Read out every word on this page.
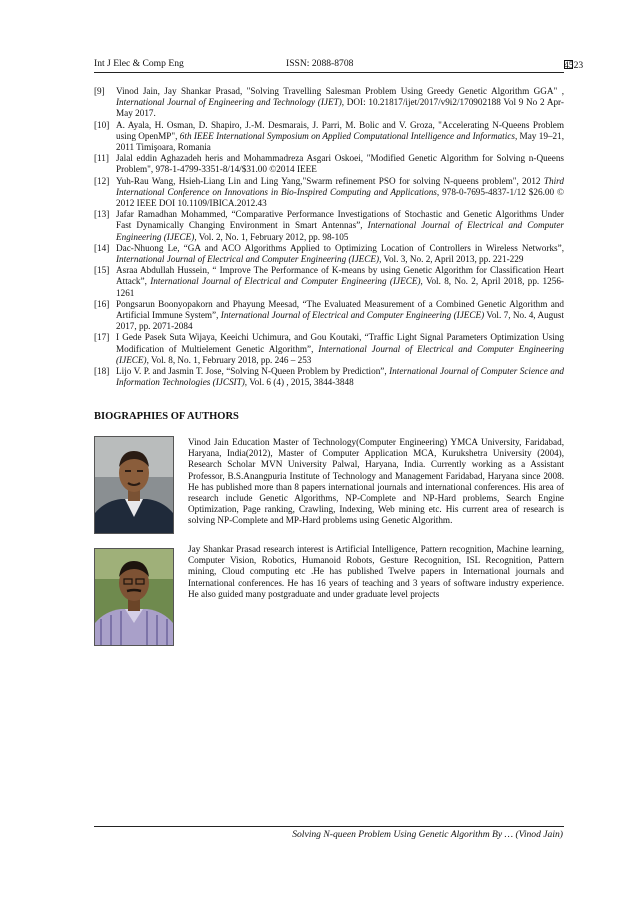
Int J Elec & Comp Eng	ISSN: 2088-8708	4523
[9]	Vinod Jain, Jay Shankar Prasad, "Solving Travelling Salesman Problem Using Greedy Genetic Algorithm GGA" , International Journal of Engineering and Technology (IJET), DOI: 10.21817/ijet/2017/v9i2/170902188 Vol 9 No 2 Apr-May 2017.
[10] A. Ayala, H. Osman, D. Shapiro, J.-M. Desmarais, J. Parri, M. Bolic and V. Groza, "Accelerating N-Queens Problem using OpenMP", 6th IEEE International Symposium on Applied Computational Intelligence and Informatics, May 19–21, 2011 Timişoara, Romania
[11] Jalal eddin Aghazadeh heris and Mohammadreza Asgari Oskoei, "Modified Genetic Algorithm for Solving n-Queens Problem", 978-1-4799-3351-8/14/$31.00 ©2014 IEEE
[12] Yuh-Rau Wang, Hsieh-Liang Lin and Ling Yang,"Swarm refinement PSO for solving N-queens problem", 2012 Third International Conference on Innovations in Bio-Inspired Computing and Applications, 978-0-7695-4837-1/12 $26.00 © 2012 IEEE DOI 10.1109/IBICA.2012.43
[13] Jafar Ramadhan Mohammed, “Comparative Performance Investigations of Stochastic and Genetic Algorithms Under Fast Dynamically Changing Environment in Smart Antennas”, International Journal of Electrical and Computer Engineering (IJECE), Vol. 2, No. 1, February 2012, pp. 98-105
[14] Dac-Nhuong Le, “GA and ACO Algorithms Applied to Optimizing Location of Controllers in Wireless Networks”, International Journal of Electrical and Computer Engineering (IJECE), Vol. 3, No. 2, April 2013, pp. 221-229
[15] Asraa Abdullah Hussein, “ Improve The Performance of K-means by using Genetic Algorithm for Classification Heart Attack”, International Journal of Electrical and Computer Engineering (IJECE), Vol. 8, No. 2, April 2018, pp. 1256-1261
[16] Pongsarun Boonyopakorn and Phayung Meesad, “The Evaluated Measurement of a Combined Genetic Algorithm and Artificial Immune System”, International Journal of Electrical and Computer Engineering (IJECE) Vol. 7, No. 4, August 2017, pp. 2071-2084
[17] I Gede Pasek Suta Wijaya, Keeichi Uchimura, and Gou Koutaki, “Traffic Light Signal Parameters Optimization Using Modification of Multielement Genetic Algorithm”, International Journal of Electrical and Computer Engineering (IJECE), Vol. 8, No. 1, February 2018, pp. 246 – 253
[18] Lijo V. P. and Jasmin T. Jose, “Solving N-Queen Problem by Prediction”, International Journal of Computer Science and Information Technologies (IJCSIT), Vol. 6 (4) , 2015, 3844-3848
BIOGRAPHIES OF AUTHORS
Vinod Jain Education Master of Technology(Computer Engineering) YMCA University, Faridabad, Haryana, India(2012), Master of Computer Application MCA, Kurukshetra University (2004), Research Scholar MVN University Palwal, Haryana, India. Currently working as a Assistant Professor, B.S.Anangpuria Institute of Technology and Management Faridabad, Haryana since 2008. He has published more than 8 papers international journals and international conferences. His area of research include Genetic Algorithms, NP-Complete and NP-Hard problems, Search Engine Optimization, Page ranking, Crawling, Indexing, Web mining etc. His current area of research is solving NP-Complete and MP-Hard problems using Genetic Algorithm.
Jay Shankar Prasad research interest is Artificial Intelligence, Pattern recognition, Machine learning, Computer Vision, Robotics, Humanoid Robots, Gesture Recognition, ISL Recognition, Pattern mining, Cloud computing etc .He has published Twelve papers in International journals and International conferences. He has 16 years of teaching and 3 years of software industry experience. He also guided many postgraduate and under graduate level projects
Solving N-queen Problem Using Genetic Algorithm By … (Vinod Jain)
